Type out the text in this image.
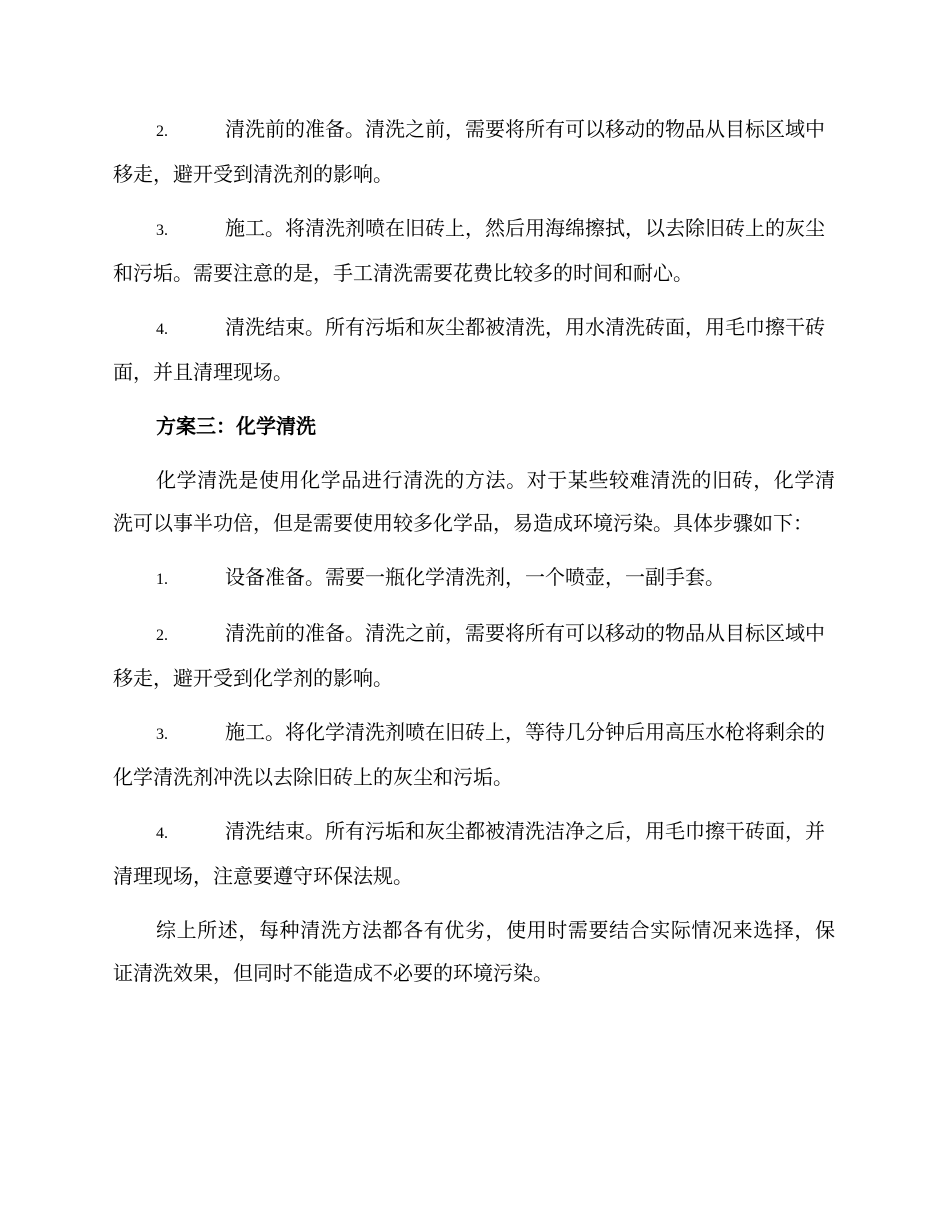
2.	清洗前的准备。清洗之前，需要将所有可以移动的物品从目标区域中移走，避开受到清洗剂的影响。

3.	施工。将清洗剂喷在旧砖上，然后用海绵擦拭，以去除旧砖上的灰尘和污垢。需要注意的是，手工清洗需要花费比较多的时间和耐心。

4.	清洗结束。所有污垢和灰尘都被清洗，用水清洗砖面，用毛巾擦干砖面，并且清理现场。

方案三：化学清洗

化学清洗是使用化学品进行清洗的方法。对于某些较难清洗的旧砖，化学清洗可以事半功倍，但是需要使用较多化学品，易造成环境污染。具体步骤如下：

1.	设备准备。需要一瓶化学清洗剂，一个喷壶，一副手套。

2.	清洗前的准备。清洗之前，需要将所有可以移动的物品从目标区域中移走，避开受到化学剂的影响。

3.	施工。将化学清洗剂喷在旧砖上，等待几分钟后用高压水枪将剩余的化学清洗剂冲洗以去除旧砖上的灰尘和污垢。

4.	清洗结束。所有污垢和灰尘都被清洗洁净之后，用毛巾擦干砖面，并清理现场，注意要遵守环保法规。

综上所述，每种清洗方法都各有优劣，使用时需要结合实际情况来选择，保证清洗效果，但同时不能造成不必要的环境污染。
